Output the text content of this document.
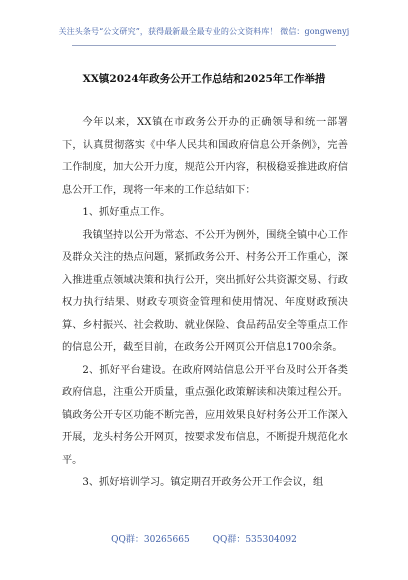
关注头条号“公文研究”，获得最新最全最专业的公文资料库！ 微信：gongwenyj
XX镇2024年政务公开工作总结和2025年工作举措

今年以来，XX镇在市政务公开办的正确领导和统一部署下，认真贯彻落实《中华人民共和国政府信息公开条例》，完善工作制度，加大公开力度，规范公开内容，积极稳妥推进政府信息公开工作，现将一年来的工作总结如下：

1、抓好重点工作。

我镇坚持以公开为常态、不公开为例外，围绕全镇中心工作及群众关注的热点问题，紧抓政务公开、村务公开工作重心，深入推进重点领域决策和执行公开，突出抓好公共资源交易、行政权力执行结果、财政专项资金管理和使用情况、年度财政预决算、乡村振兴、社会救助、就业保险、食品药品安全等重点工作的信息公开，截至目前，在政务公开网页公开信息1700余条。

2、抓好平台建设。在政府网站信息公开平台及时公开各类政府信息，注重公开质量，重点强化政策解读和决策过程公开。镇政务公开专区功能不断完善，应用效果良好村务公开工作深入开展，龙头村务公开网页，按要求发布信息，不断提升规范化水平。

3、抓好培训学习。镇定期召开政务公开工作会议，组

QQ群：30265665	QQ群：535304092
